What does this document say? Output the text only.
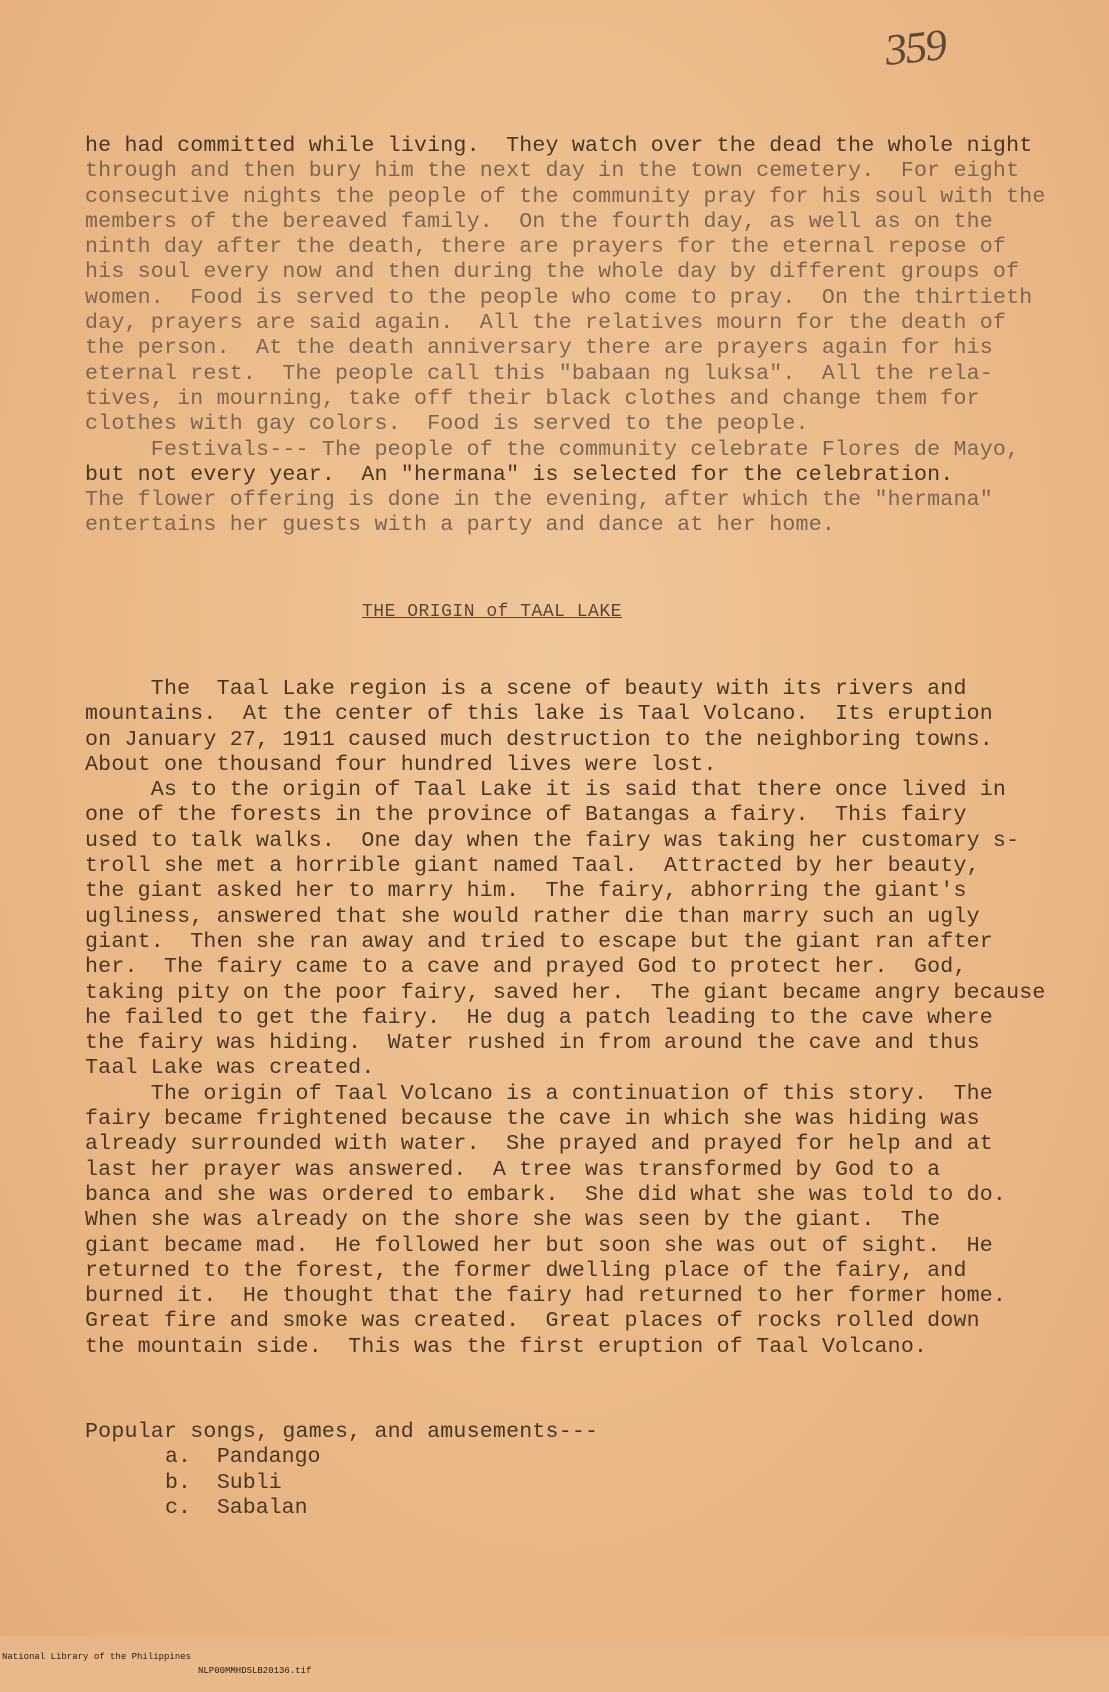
359
he had committed while living.  They watch over the dead the whole night
through and then bury him the next day in the town cemetery.  For eight
consecutive nights the people of the community pray for his soul with the
members of the bereaved family.  On the fourth day, as well as on the
ninth day after the death, there are prayers for the eternal repose of
his soul every now and then during the whole day by different groups of
women.  Food is served to the people who come to pray.  On the thirtieth
day, prayers are said again.  All the relatives mourn for the death of
the person.  At the death anniversary there are prayers again for his
eternal rest.  The people call this "babaan ng luksa".  All the rela-
tives, in mourning, take off their black clothes and change them for
clothes with gay colors.  Food is served to the people.
Festivals--- The people of the community celebrate Flores de Mayo,
but not every year.  An "hermana" is selected for the celebration.
The flower offering is done in the evening, after which the "hermana"
entertains her guests with a party and dance at her home.
THE ORIGIN of TAAL LAKE
The  Taal Lake region is a scene of beauty with its rivers and
mountains.  At the center of this lake is Taal Volcano.  Its eruption
on January 27, 1911 caused much destruction to the neighboring towns.
About one thousand four hundred lives were lost.
As to the origin of Taal Lake it is said that there once lived in
one of the forests in the province of Batangas a fairy.  This fairy
used to talk walks.  One day when the fairy was taking her customary s-
troll she met a horrible giant named Taal.  Attracted by her beauty,
the giant asked her to marry him.  The fairy, abhorring the giant's
ugliness, answered that she would rather die than marry such an ugly
giant.  Then she ran away and tried to escape but the giant ran after
her.  The fairy came to a cave and prayed God to protect her.  God,
taking pity on the poor fairy, saved her.  The giant became angry because
he failed to get the fairy.  He dug a patch leading to the cave where
the fairy was hiding.  Water rushed in from around the cave and thus
Taal Lake was created.
The origin of Taal Volcano is a continuation of this story.  The
fairy became frightened because the cave in which she was hiding was
already surrounded with water.  She prayed and prayed for help and at
last her prayer was answered.  A tree was transformed by God to a
banca and she was ordered to embark.  She did what she was told to do.
When she was already on the shore she was seen by the giant.  The
giant became mad.  He followed her but soon she was out of sight.  He
returned to the forest, the former dwelling place of the fairy, and
burned it.  He thought that the fairy had returned to her former home.
Great fire and smoke was created.  Great places of rocks rolled down
the mountain side.  This was the first eruption of Taal Volcano.
Popular songs, games, and amusements---
a.  Pandango
b.  Subli
c.  Sabalan

National Library of the Philippines

NLP00MMHDSLB20136.tif
